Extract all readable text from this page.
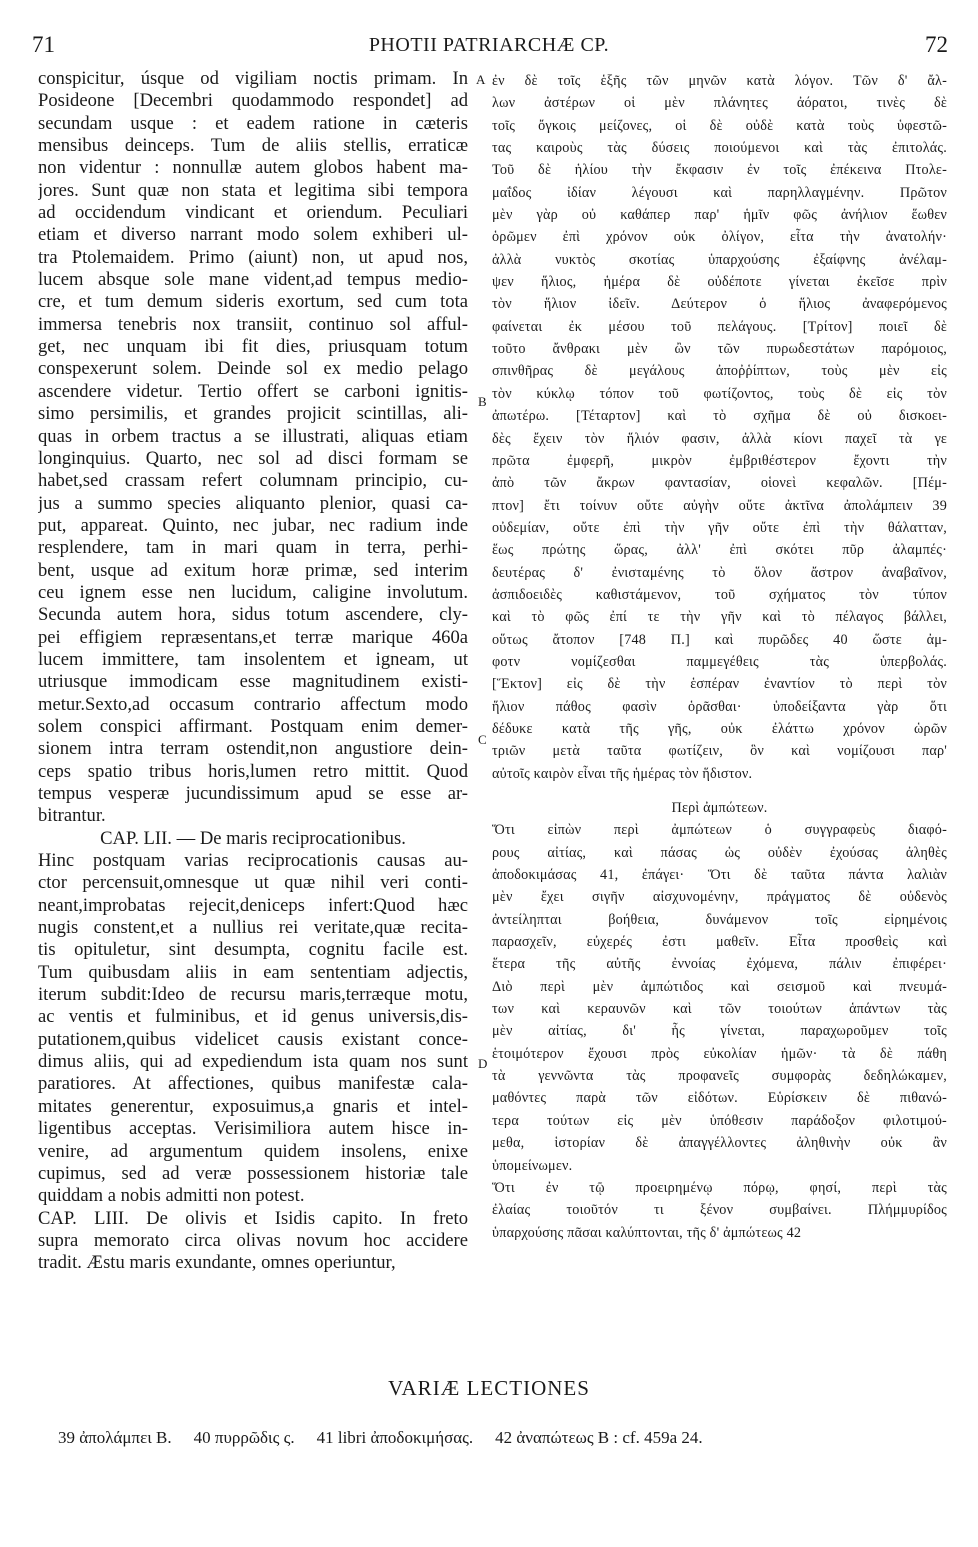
71	PHOTII PATRIARCHÆ CP.	72
conspicitur, úsque od vigiliam noctis primam. In
Posideone [Decembri quodammodo respondet] ad
secundam usque : et eadem ratione in cæteris
mensibus deinceps. Tum de aliis stellis, erraticæ
non videntur : nonnullæ autem globos habent ma-
jores. Sunt quæ non stata et legitima sibi tempora
ad occidendum vindicant et oriendum. Peculiari
etiam et diverso narrant modo solem exhiberi ul-
tra Ptolemaidem. Primo (aiunt) non, ut apud nos,
lucem absque sole mane vident,ad tempus medio-
cre, et tum demum sideris exortum, sed cum tota
immersa tenebris nox transiit, continuo sol afful-
get, nec unquam ibi fit dies, priusquam totum
conspexerunt solem. Deinde sol ex medio pelago
ascendere videtur. Tertio offert se carboni ignitis-
simo persimilis, et grandes projicit scintillas, ali-
quas in orbem tractus a se illustrati, aliquas etiam
longinquius. Quarto, nec sol ad disci formam se
habet,sed crassam refert columnam principio, cu-
jus a summo species aliquanto plenior, quasi ca-
put, appareat. Quinto, nec jubar, nec radium inde
resplendere, tam in mari quam in terra, perhi-
bent, usque ad exitum horæ primæ, sed interim
ceu ignem esse nen lucidum, caligine involutum.
Secunda autem hora, sidus totum ascendere, cly-
pei effigiem repræsentans,et terræ marique 460a
lucem immittere, tam insolentem et igneam, ut
utriusque immodicam esse magnitudinem existi-
metur.Sexto,ad occasum contrario affectum modo
solem conspici affirmant. Postquam enim demer-
sionem intra terram ostendit,non angustiore dein-
ceps spatio tribus horis,lumen retro mittit. Quod
tempus vesperæ jucundissimum apud se esse ar-
bitrantur.
CAP. LII. — De maris reciprocationibus.
Hinc postquam varias reciprocationis causas au-
ctor percensuit,omnesque ut quæ nihil veri conti-
neant,improbatas rejecit,deniceps infert:Quod hæc
nugis constent,et a nullius rei veritate,quæ recita-
tis opituletur, sint desumpta, cognitu facile est.
Tum quibusdam aliis in eam sententiam adjectis,
iterum subdit:Ideo de recursu maris,terræque motu,
ac ventis et fulminibus, et id genus universis,dis-
putationem,quibus videlicet causis existant conce-
dimus aliis, qui ad expediendum ista quam nos sunt
paratiores. At affectiones, quibus manifestæ cala-
mitates generentur, exposuimus,a gnaris et intel-
ligentibus acceptas. Verisimiliora autem hisce in-
venire, ad argumentum quidem insolens, enixe
cupimus, sed ad veræ possessionem historiæ tale
quiddam a nobis admitti non potest.
CAP. LIII. De olivis et Isidis capito. In freto
supra memorato circa olivas novum hoc accidere
tradit. Æstu maris exundante, omnes operiuntur,
ἐν δὲ τοῖς ἑξῆς τῶν μηνῶν κατὰ λόγον. Τῶν δ' ἄλ-
λων ἀστέρων οἱ μὲν πλάνητες ἀόρατοι, τινὲς δὲ
τοῖς ὄγκοις μείζονες, οἱ δὲ οὐδὲ κατὰ τοὺς ὑφεστῶ-
τας καιροὺς τὰς δύσεις ποιούμενοι καὶ τὰς ἐπιτολάς.
Τοῦ δὲ ἡλίου τὴν ἔκφασιν ἐν τοῖς ἐπέκεινα Πτολε-
μαΐδος ἰδίαν λέγουσι καὶ παρηλλαγμένην. Πρῶτον
μὲν γὰρ οὐ καθάπερ παρ' ἡμῖν φῶς ἀνήλιον ἕωθεν
ὁρῶμεν ἐπὶ χρόνον οὐκ ὀλίγον, εἶτα τὴν ἀνατολήν·
ἀλλὰ νυκτὸς σκοτίας ὑπαρχούσης ἐξαίφνης ἀνέλαμ-
ψεν ἥλιος, ἡμέρα δὲ οὐδέποτε γίνεται ἐκεῖσε πρὶν
τὸν ἥλιον ἰδεῖν. Δεύτερον ὁ ἥλιος ἀναφερόμενος
φαίνεται ἐκ μέσου τοῦ πελάγους. [Τρίτον] ποιεῖ δὲ
τοῦτο ἄνθρακι μὲν ὢν τῶν πυρωδεστάτων παρόμοιος,
σπινθῆρας δὲ μεγάλους ἀποῤῥίπτων, τοὺς μὲν εἰς
τὸν κύκλῳ τόπον τοῦ φωτίζοντος, τοὺς δὲ εἰς τὸν
ἀπωτέρω. [Τέταρτον] καὶ τὸ σχῆμα δὲ οὐ δισκοει-
δὲς ἔχειν τὸν ἥλιόν φασιν, ἀλλὰ κίονι παχεῖ τὰ γε
πρῶτα ἐμφερῆ, μικρὸν ἐμβριθέστερον ἔχοντι τὴν
ἀπὸ τῶν ἄκρων φαντασίαν, οἱονεὶ κεφαλῶν. [Πέμ-
πτον] ἔτι τοίνυν οὔτε αὐγὴν οὔτε ἀκτῖνα ἀπολάμπειν 39
οὐδεμίαν, οὔτε ἐπὶ τὴν γῆν οὔτε ἐπὶ τὴν θάλατταν,
ἕως πρώτης ὥρας, ἀλλ' ἐπὶ σκότει πῦρ ἀλαμπές·
δευτέρας δ' ἐνισταμένης τὸ ὅλον ἄστρον ἀναβαῖνον,
ἀσπιδοειδὲς καθιστάμενον, τοῦ σχήματος τὸν τύπον
καὶ τὸ φῶς ἐπί τε τὴν γῆν καὶ τὸ πέλαγος βάλλει,
οὕτως ἄτοπον [748 Π.] καὶ πυρῶδες 40 ὥστε ἀμ-
φοτν νομίζεσθαι παμμεγέθεις τὰς ὑπερβολάς.
[Ἕκτον] εἰς δὲ τὴν ἑσπέραν ἐναντίον τὸ περὶ τὸν
ἥλιον πάθος φασὶν ὁρᾶσθαι· ὑποδείξαντα γὰρ ὅτι
δέδυκε κατὰ τῆς γῆς, οὐκ ἐλάττω χρόνον ὡρῶν
τριῶν μετὰ ταῦτα φωτίζειν, ὃν καὶ νομίζουσι παρ'
αὐτοῖς καιρὸν εἶναι τῆς ἡμέρας τὸν ἥδιστον.
Περὶ ἀμπώτεων.
Ὅτι εἰπὼν περὶ ἀμπώτεων ὁ συγγραφεὺς διαφό-
ρους αἰτίας, καὶ πάσας ὡς οὐδὲν ἐχούσας ἀληθὲς
ἀποδοκιμάσας 41, ἐπάγει· Ὅτι δὲ ταῦτα πάντα λαλιὰν
μὲν ἔχει σιγῆν αἰσχυνομένην, πράγματος δὲ οὐδενὸς
ἀντείληπται βοήθεια, δυνάμενον τοῖς εἰρημένοις
παρασχεῖν, εὐχερές ἐστι μαθεῖν. Εἶτα προσθεὶς καὶ
ἕτερα τῆς αὐτῆς ἐννοίας ἐχόμενα, πάλιν ἐπιφέρει·
Διὸ περὶ μὲν ἀμπώτιδος καὶ σεισμοῦ καὶ πνευμά-
των καὶ κεραυνῶν καὶ τῶν τοιούτων ἁπάντων τὰς
μὲν αἰτίας, δι' ἧς γίνεται, παραχωροῦμεν τοῖς
ἑτοιμότερον ἔχουσι πρὸς εὐκολίαν ἡμῶν· τὰ δὲ πάθη
τὰ γεννῶντα τὰς προφανεῖς συμφορὰς δεδηλώκαμεν,
μαθόντες παρὰ τῶν εἰδότων. Εὑρίσκειν δὲ πιθανώ-
τερα τούτων εἰς μὲν ὑπόθεσιν παράδοξον φιλοτιμού-
μεθα, ἱστορίαν δὲ ἀπαγγέλλοντες ἀληθινὴν οὐκ ἂν
ὑπομείνωμεν.
Ὅτι ἐν τῷ προειρημένῳ πόρῳ, φησί, περὶ τὰς
ἐλαίας τοιοῦτόν τι ξένον συμβαίνει. Πλήμμυρίδος
ὑπαρχούσης πᾶσαι καλύπτονται, τῆς δ' ἀμπώτεως 42
A
B
C
D
VARIÆ LECTIONES
39 ἀπολάμπει B. 40 πυρρῶδις ς. 41 libri ἀποδοκιμήσας. 42 ἀναπώτεως B : cf. 459a 24.
